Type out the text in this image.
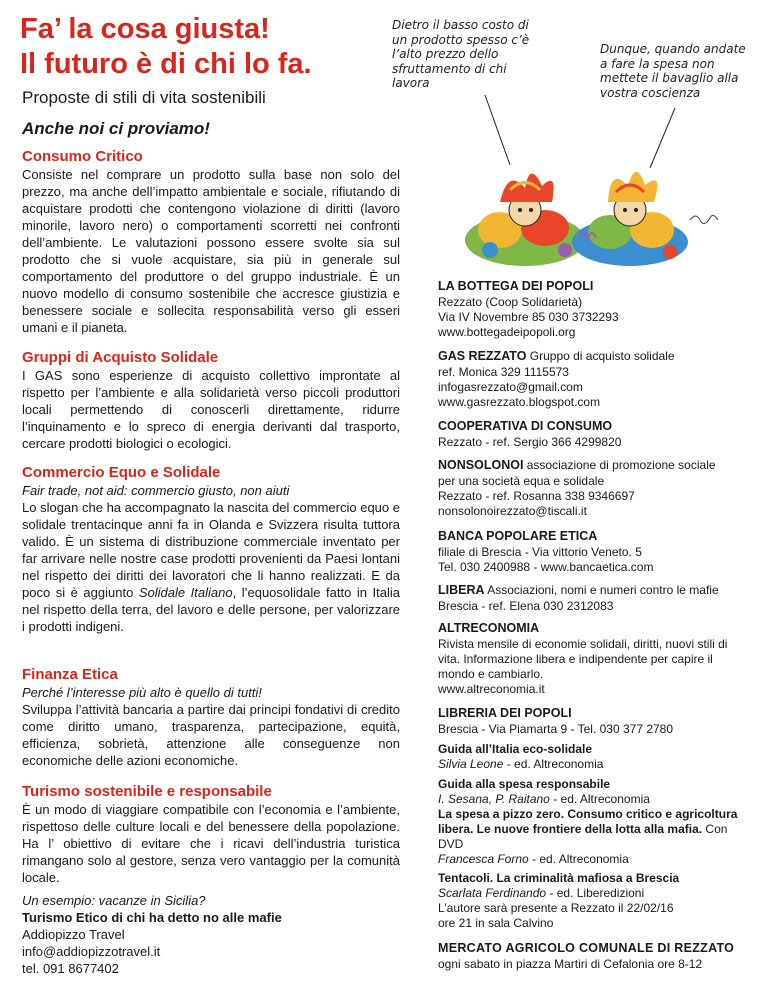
Fa’ la cosa giusta!
Il futuro è di chi lo fa.
Proposte di stili di vita sostenibili
Anche noi ci proviamo!
Dietro il basso costo di un prodotto spesso c’è l’alto prezzo dello sfruttamento di chi lavora
Dunque, quando andate a fare la spesa non mettete il bavaglio alla vostra coscienza
Consumo Critico

Consiste nel comprare un prodotto sulla base non solo del prezzo, ma anche dell’impatto ambientale e sociale, rifiutando di acquistare prodotti che contengono violazione di diritti (lavoro minorile, lavoro nero) o comportamenti scorretti nei confronti dell’ambiente. Le valutazioni possono essere svolte sia sul prodotto che si vuole acquistare, sia più in generale sul comportamento del produttore o del gruppo industriale. È un nuovo modello di consumo sostenibile che accresce giustizia e benessere sociale e sollecita responsabilità verso gli esseri umani e il pianeta.

Gruppi di Acquisto Solidale

I GAS sono esperienze di acquisto collettivo improntate al rispetto per l’ambiente e alla solidarietà verso piccoli produttori locali permettendo di conoscerli direttamente, ridurre l’inquinamento e lo spreco di energia derivanti dal trasporto, cercare prodotti biologici o ecologici.

Commercio Equo e Solidale

Fair trade, not aid: commercio giusto, non aiuti

Lo slogan che ha accompagnato la nascita del commercio equo e solidale trentacinque anni fa in Olanda e Svizzera risulta tuttora valido. È un sistema di distribuzione commerciale inventato per far arrivare nelle nostre case prodotti provenienti da Paesi lontani nel rispetto dei diritti dei lavoratori che li hanno realizzati. E da poco si è aggiunto Solidale Italiano, l’equosolidale fatto in Italia nel rispetto della terra, del lavoro e delle persone, per valorizzare i prodotti indigeni.

Finanza Etica

Perché l’interesse più alto è quello di tutti!

Sviluppa l’attività bancaria a partire dai principi fondativi di credito come diritto umano, trasparenza, partecipazione, equità, efficienza, sobrietà, attenzione alle conseguenze non economiche delle azioni economiche.

Turismo sostenibile e responsabile

È un modo di viaggiare compatibile con l’economia e l’ambiente, rispettoso delle culture locali e del benessere della popolazione. Ha l’ obiettivo di evitare che i ricavi dell’industria turistica rimangano solo al gestore, senza vero vantaggio per la comunità locale.

Un esempio: vacanze in Sicilia?

Turismo Etico di chi ha detto no alle mafie

Addiopizzo Travel

info@addiopizzotravel.it

tel. 091 8677402

LA BOTTEGA DEI POPOLI
Rezzato (Coop Solidarietà)
Via IV Novembre 85 030 3732293
www.bottegadeipopoli.org
GAS REZZATO Gruppo di acquisto solidale
ref. Monica 329 1115573
infogasrezzato@gmail.com
www.gasrezzato.blogspot.com
COOPERATIVA DI CONSUMO
Rezzato - ref. Sergio 366 4299820
NONSOLONOI associazione di promozione sociale
per una società equa e solidale
Rezzato - ref. Rosanna 338 9346697
nonsolonoirezzato@tiscali.it
BANCA POPOLARE ETICA
filiale di Brescia - Via vittorio Veneto. 5
Tel. 030 2400988 - www.bancaetica.com
LIBERA Associazioni, nomi e numeri contro le mafie
Brescia - ref. Elena 030 2312083
ALTRECONOMIA
Rivista mensile di economie solidali, diritti, nuovi stili di vita. Informazione libera e indipendente per capire il mondo e cambiarlo.
www.altreconomia.it
LIBRERIA DEI POPOLI
Brescia - Via Piamarta 9 - Tel. 030 377 2780
Guida all’Italia eco-solidale
Silvia Leone - ed. Altreconomia
Guida alla spesa responsabile
I. Sesana, P. Raitano - ed. Altreconomia
La spesa a pizzo zero. Consumo critico e agricoltura libera. Le nuove frontiere della lotta alla mafia. Con DVD
Francesca Forno - ed. Altreconomia
Tentacoli. La criminalità mafiosa a Brescia
Scarlata Ferdinando - ed. Liberedizioni
L’autore sarà presente a Rezzato il 22/02/16
ore 21 in sala Calvino
MERCATO AGRICOLO COMUNALE DI REZZATO
ogni sabato in piazza Martiri di Cefalonia ore 8-12
